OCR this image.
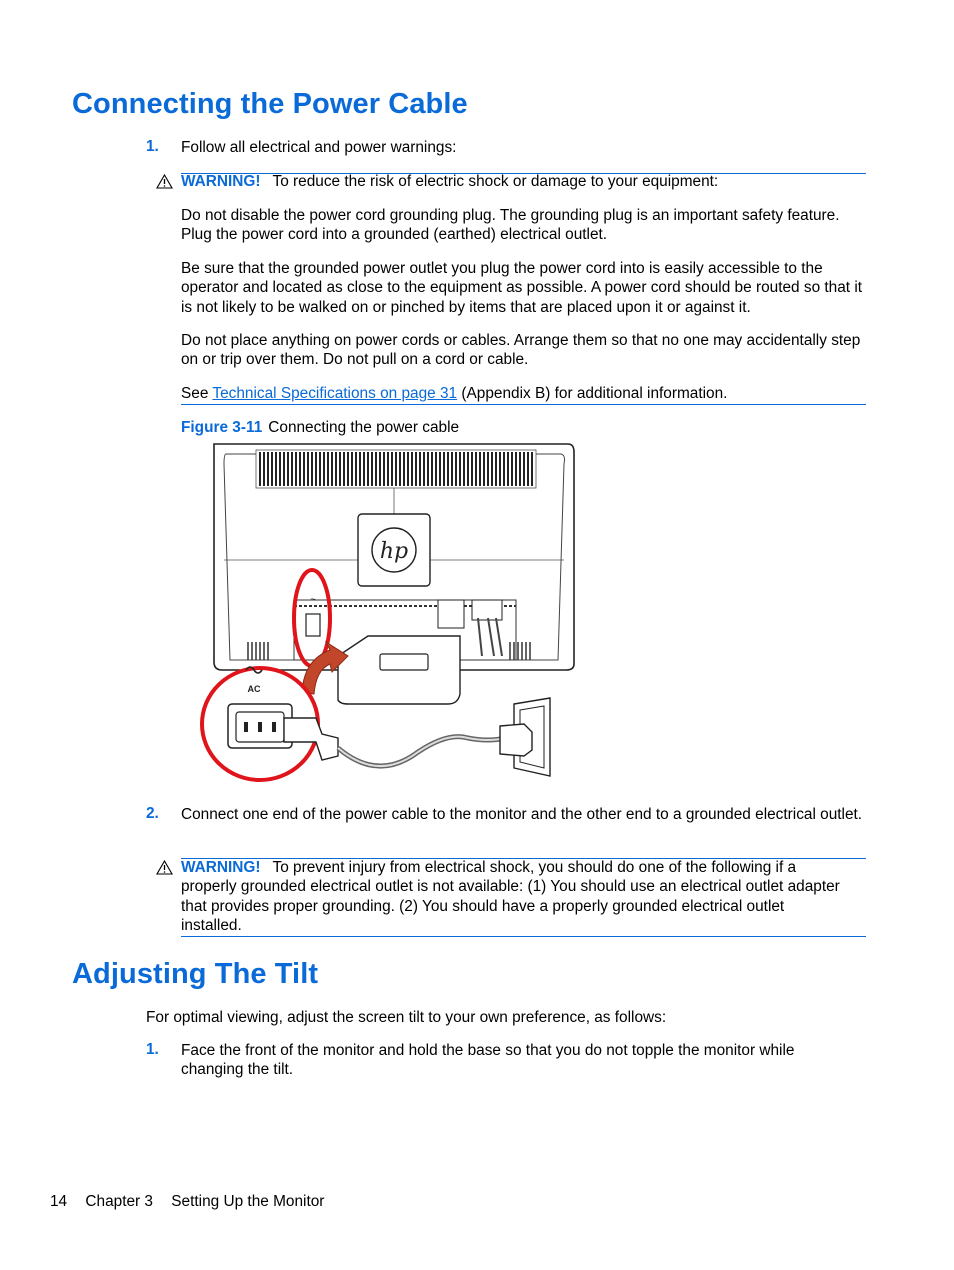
Connecting the Power Cable
1. Follow all electrical and power warnings:
WARNING! To reduce the risk of electric shock or damage to your equipment:
Do not disable the power cord grounding plug. The grounding plug is an important safety feature. Plug the power cord into a grounded (earthed) electrical outlet.
Be sure that the grounded power outlet you plug the power cord into is easily accessible to the operator and located as close to the equipment as possible. A power cord should be routed so that it is not likely to be walked on or pinched by items that are placed upon it or against it.
Do not place anything on power cords or cables. Arrange them so that no one may accidentally step on or trip over them. Do not pull on a cord or cable.
See Technical Specifications on page 31 (Appendix B) for additional information.
Figure 3-11 Connecting the power cable
hp
~
AC
2. Connect one end of the power cable to the monitor and the other end to a grounded electrical outlet.
WARNING! To prevent injury from electrical shock, you should do one of the following if a properly grounded electrical outlet is not available: (1) You should use an electrical outlet adapter that provides proper grounding. (2) You should have a properly grounded electrical outlet installed.
Adjusting The Tilt
For optimal viewing, adjust the screen tilt to your own preference, as follows:
1. Face the front of the monitor and hold the base so that you do not topple the monitor while changing the tilt.
14 Chapter 3 Setting Up the Monitor
